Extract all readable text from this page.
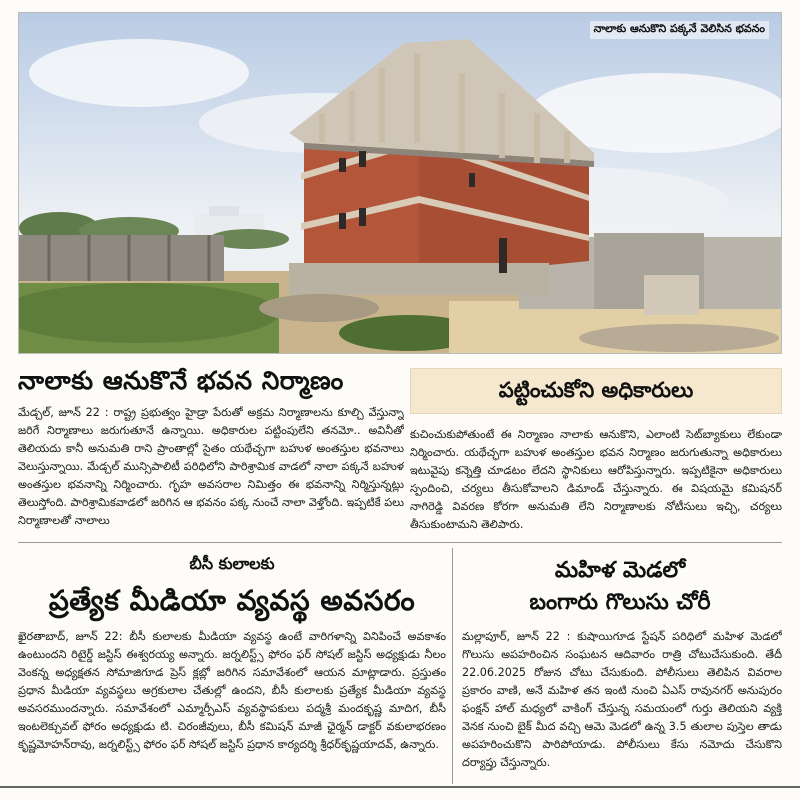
నాలాకు ఆనుకొని పక్కనే వెలిసిన భవనం
నాలాకు ఆనుకొనే భవన నిర్మాణం	పట్టించుకోని అధికారులు
మేడ్చల్, జూన్ 22 : రాష్ట్ర ప్రభుత్వం హైడ్రా పేరుతో అక్రమ నిర్మాణాలను కూల్చి వేస్తున్నా జరిగే నిర్మాణాలు జరుగుతూనే ఉన్నాయి. అధికారుల పట్టింపులేని తనమో.. అవినీతో తెలియదు కానీ అనుమతి రాని ప్రాంతాల్లో సైతం యథేచ్ఛగా బహుళ అంతస్తుల భవనాలు వెలుస్తున్నాయి. మేడ్చల్ మున్సిపాలిటీ పరిధిలోని పారిశ్రామిక వాడలో నాలా పక్కనే బహుళ అంతస్తుల భవనాన్ని నిర్మించారు. గృహ అవసరాల నిమిత్తం ఈ భవనాన్ని నిర్మిస్తున్నట్లు తెలుస్తోంది. పారిశ్రామికవాడలో జరిగిన ఆ భవనం పక్క నుంచే నాలా వెళ్తోంది. ఇప్పటికే పలు నిర్మాణాలతో నాలాలు
కుచించుకుపోతుంటే ఈ నిర్మాణం నాలాకు ఆనుకొని, ఎలాంటి సెట్‌బ్యాకులు లేకుండా నిర్మించారు. యథేచ్ఛగా బహుళ అంతస్తుల భవన నిర్మాణం జరుగుతున్నా అధికారులు ఇటువైపు కన్నెత్తి చూడటం లేదని స్థానికులు ఆరోపిస్తున్నారు. ఇప్పటికైనా అధికారులు స్పందించి, చర్యలు తీసుకోవాలని డిమాండ్ చేస్తున్నారు. ఈ విషయమై కమిషనర్ నాగిరెడ్డి వివరణ కోరగా అనుమతి లేని నిర్మాణాలకు నోటీసులు ఇచ్చి, చర్యలు తీసుకుంటామని తెలిపారు.
బీసీ కులాలకు
ప్రత్యేక మీడియా వ్యవస్థ అవసరం
ఖైరతాబాద్, జూన్ 22: బీసీ కులాలకు మీడియా వ్యవస్థ ఉంటే వారిగళాన్ని వినిపించే అవకాశం ఉంటుందని రిటైర్డ్ జస్టిస్ ఈశ్వరయ్య అన్నారు. జర్నలిస్ట్స్ ఫోరం ఫర్ సోషల్ జస్టిస్ అధ్యక్షుడు నీలం వెంకన్న అధ్యక్షతన సోమాజిగూడ ప్రెస్ క్లబ్లో జరిగిన సమావేశంలో ఆయన మాట్లాడారు. ప్రస్తుతం ప్రధాన మీడియా వ్యవస్థలు అగ్రకులాల చేతుల్లో ఉందని, బీసీ కులాలకు ప్రత్యేక మీడియా వ్యవస్థ అవసరముందన్నారు. సమావేశంలో ఎమ్మార్పీఎస్ వ్యవస్థాపకులు పద్మశ్రీ మందకృష్ణ మాదిగ, బీసీ ఇంటలెక్చువల్ ఫోరం అధ్యక్షుడు టి. చిరంజీవులు, బీసీ కమిషన్ మాజీ ఛైర్మన్ డాక్టర్ వకులాభరణం కృష్ణమోహన్‌రావు, జర్నలిస్ట్స్ ఫోరం ఫర్ సోషల్ జస్టిస్ ప్రధాన కార్యదర్శి శ్రీధర్‌కృష్ణయాదవ్, ఉన్నారు.
మహిళ మెడలో
బంగారు గొలుసు చోరీ
మల్లాపూర్, జూన్ 22 : కుషాయిగూడ స్టేషన్ పరిధిలో మహిళ మెడలో గొలుసు అపహరించిన సంఘటన ఆదివారం రాత్రి చోటుచేసుకుంది. తేదీ 22.06.2025 రోజున చోటు చేసుకుంది. పోలీసులు తెలిపిన వివరాల ప్రకారం వాణి, అనే మహిళ తన ఇంటి నుంచి ఏఎస్ రావునగర్ అనుపురం ఫంక్షన్ హాల్ మధ్యలో వాకింగ్ చేస్తున్న సమయంలో గుర్తు తెలియని వ్యక్తి వెనక నుంచి బైక్ మీద వచ్చి ఆమె మెడలో ఉన్న 3.5 తులాల పుస్తెల తాడు అపహరించుకొని పారిపోయాడు. పోలీసులు కేసు నమోదు చేసుకొని దర్యాప్తు చేస్తున్నారు.
